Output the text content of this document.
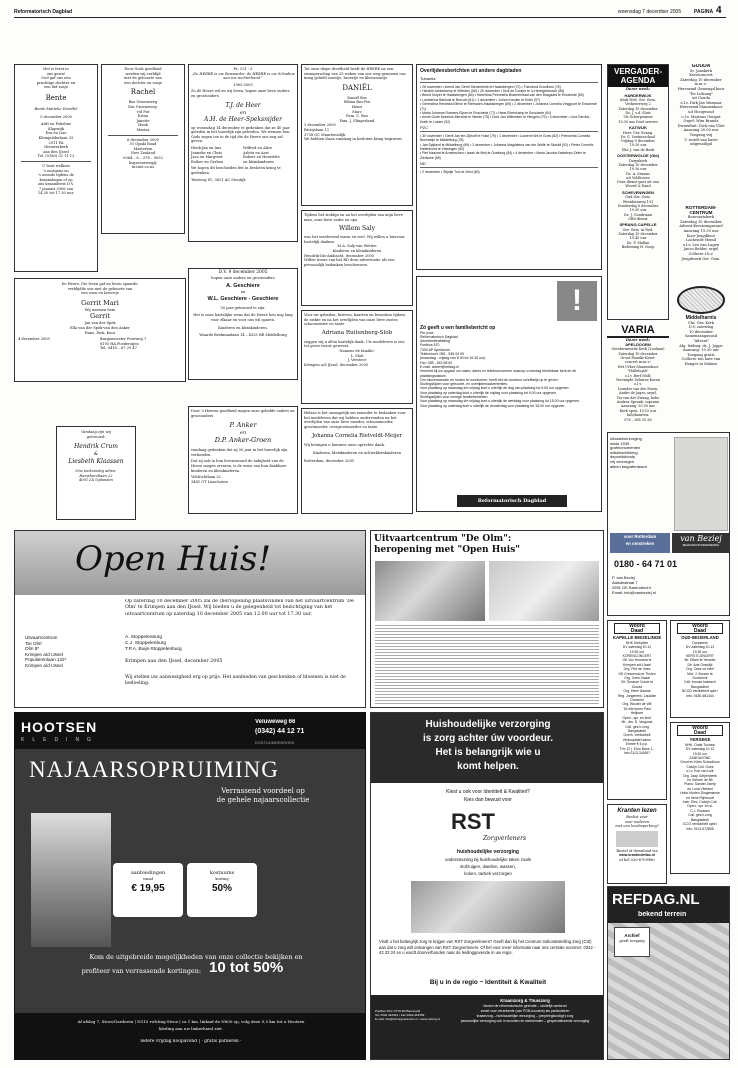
Reformatorisch Dagblad	woensdag 7 december 2005	PAGINA 4
Het is feest in
ons gezin!
God gaf ons een
prachtige dochter en
een lief zusje
Bente
Bente Marieke Dorothé
5 december 2005
Ardt en Fokeline
Klapwijk
Eva en Lise
Kleinpolderlaan 33
2911 PA
Nieuwerkerk
aan den IJssel
Tel. (0180) 32 11 12
U bent welkom
's morgens en
's avonds tijdens de
kraamdagen of op
ons kraamfeest D.V.
7 januari 2006 van
14.30 tot 17.30 uur.
Door Gods goedheid
werden wij verblijd
met de geboorte van
een dochter en zusje
Rachel
Bas Groeneweg
Ilse Groeneweg-
v/d Put
Erina
Janette
Henk
Marisa
6 december 2005
31 Opaki Road
Masterton
New Zealand
0064 – 6 – 378 – 9052
bsgroeneweg@
in2net.co.nz
Ps. 121 : 5
„De HEERE is uw Bewaarder, de HEERE is uw Schaduw aan uw rechterhand."
1965-2005
Zo de Heere wil en wij leven, hopen onze lieve ouders en grootouders
T.J. de Heer
en
A.H. de Heer-Speksnijder
op woensdag 14 december te gedenken dat ze 40 jaar geleden in het huwelijk zijn getreden. We wensen hen Gods zegen toe in de tijd die de Heere ons nog zal geven.
Henk-Jan en Ans
Janneke en Chris
Jaco en Margreet
Esther en Gerben
Wilfred en Alice
Arleta en Aart
Robert en Henriëtte
en kleinkinderen
We hopen dit bescheiden feit in besloten kring te gedenken.
Tentweg 81, 3821 AC Stoutijk
Tot onze diepe droefheid heeft de HEERE na een zwangerschap van 25 weken van ons weg-genomen ons innig geliefd zoontje, broertje en kleinzoontje
DANIËL
Daniël Bos
Wilma Bos-Pos
Henri
Marc
Fam. C. Bos
Fam. J. Slingerland
3 december 2005
Patrijslaan 11
3738 GC Maartensdijk
We hebben Daan vandaag in besloten kring begraven.
Overlijdensberichten uit andere dagbladen
Tubantia
• 26 november • Arend Jan Gerrit Stemmerink te Haaksbergen (72) • Theodora Groothuis (76)
• Hendrik Achterkamp te Wierden (56) • 25 november • Dick de Gooijer te 's-Hertogenbosch (85)
• Bernd Kuiper te Haaksbergen (84) • Hubertina Petronella Bloemendaal-van den Bosgaard te Enschede (80)
• Lambertus Bakhuis te Borculo (81) • 1 december • Johan Kreulen te Enter (57)
• Gerendina Hendrika Elfrink te Rietmolen-Haaksbergen (89) • 2 december • Johanna Cornelia Vinggoort te Enschede (71)
• Maria Johanna Roevers-Eijsen te Enschede (77) • Hans Eltrenkamp te Enschede (60)
• Annie Oude Munnink-Mensink te Neede (75) • Dork Jan Willemsen te Hengelo (79) • 3 december • Lina Gerrink-Horth te Losser (92)
PZC
• 30 november • Gerrit Jan ten Zijthoff te Hulst (79) • 1 december • Laurent Kint te Goes (82) • Petronella Cornelia Bommelje te Middelburg (78)
• Jan Spijkerd te Middelburg (69) • 2 december • Johanna Magdalena van der Wolfe te Sluiskil (92) • Pieter Cornelis Kallenhorst te Vlissingen (60)
• Piet Haazart te Arnemuiden • Izaak de Meij te Oostburg (84) • 4 december • Maria Jacoba Kasteleyn-Zeiler te Zierikzee (89)
ND
• 2 december • Stijntje Tuin te Zeist (83).
VERGADER-
AGENDA
Dezer week:
HARDERWIJK
Kerk Ned. Ger. Gem.
Verkeersweg 2
Zaterdag 10 december
Ds. J. v.d. Sluis
Uit Scherpenisse
10.30 uur Doel servers
KATWIJK
Herv. Ger. Evang.
Dr. G. Voetiusschool
Vrijdag 9 december
19.30 uur
Dhr. J. van de Beek
OOSTERWOLDE (Gld)
Dorpskerk
Zaterdag 10 december
19.30 uur
Ds. A. Simons
uit Veldhoven
Deze dienst gaat uit van
Woord & Daad
SCHEVENINGEN
Oud Ger. Gem.
Westduinweg 191
Donderdag 8 december
19.30 uur
Ds. J. Goudriaan
GBS-dienst
SPRANG-CAPELLE
Ger. Gem. in Ned.
Zaterdag 10 december
19.45 uur
Ds. F. Mallan
Bediening H. Doop
GOUDA
St. Janskerk
Kerstconcert
Zaterdag 10 december
m.m.v.:
Hervormd Gemengd koor
"De Lofzang"
uit Gouda
o.l.v. Dirk Jan Warnaar
Hervormd Mannenkoor
uit Hoogwoud
o.l.v. Marinus Gerjaat
Orgel: Wim Brands
Dwarsfluit: Dick van Vliet
Aanvang 20.00 uur
Toegang vrij
U wordt van harte
uitgenodigd
ROTTERDAM-
CENTRUM
Bosvoortskerk
Zaterdag 10 december
Advent-Kerstzangavond
Aanvang 19.30 uur
Koor Jeugdkoor
Lachende Hemd
o.l.v. Leo van Lagen
Janco Belder, orgel
Collecte t.b.v.
Jeugdwerk Ger. Gem.
Middelharnis
Chr. Ger. Kerk
D.V. zaterdag
10 december
Samenzangavond
"Advent"
Alg. leiding: ds. J. Joppe
Aanvang: 19.30 uur
Toegang gratis
Collecte ten bate van
Honger in Malawi
VARIA
Dezer week:
APELDOORN
Gereformeerde Kerk (Loolaan)
Zaterdag 10 december
Groot Familie-Kerst-
concert m.m.v.:
Het Urker Mannenkoor
"Hallelujah"
o.l.v. Berf Molf,
Verenigde Veluwse Koren
o.l.v.
Leander van der Steen,
Andre de Jager, orgel,
Yia van der Zwaag, hobo
Andrea Spronk, sopraan
Aanvang: 20.00 uur
Kerk open: 19.15 uur
Info/kaarten:
078 – 681 55 60
De Heere, Die leven gaf en leven spaarde,
verblijdde ons met de geboorte van
een zoon en broertje
Gerrit Mari
Wij noemen hem
Gerrit
Jan van der Spek
Ella van der Spek-van den Anker
Hans, Dirk, Koos
4 december 2005	Burgemeester Foreweg 7
8105 HA Poederoijen
Tel. 0418 – 67 29 47
D.V. 9 december 2005
hopen onze ouders en grootouders
A. Geschiere
en
W.L. Geschiere - Geschiere
50 jaar getrouwd te zijn.
Het is onze hartelijke wens dat de Heere hen nog lang voor elkaar en voor ons wil sparen.
Kinderen en kleinkinderen.
Waarde Beekmanlaan 14 – 4335 BR Middelburg
Tijdens het ziektijn en na het overlijden van mijn lieve man, onze lieve vader en opa
Willem Saly
was het meelevend warm en veel. Wij willen u hiervoor hartelijk danken.
M.A. Saly-van Wetten
Kinderen en kleinkinderen
Hendrik-Ido-Ambacht, december 2005
Willen lezers van het RD deze advertentie als een persoonlijk bedanken beschouwen.
Voor uw gebeden, brieven, kaarten en bezoeken tijdens de ziekte en na het overlijden van onze lieve zuster, schoonzuster en tante
Adriana Ruitenberg-Slob
zeggen wij u allen hartelijk dank. Uw medeleven is ons tot grote troost geweest.
Namens de familie:
L. Slob
J. Versteer
Krimpen a/d IJssel, december 2005
Vandaag zijn wij
getrouwd:
Hendrik Crum
&
Liesbeth Klaassen
Ons toekomstig adres:
Ramshorstlaan 22
4001 LX Oplanden
Door 's Heeren goedheid mogen onze geliefde ouders en grootouders
P. Anker
en
D.P. Anker-Groen
vandaag gedenken dat zij 50 jaar in het huwelijk zijn verbonden.
Dat zij ook in hun levensavond de nabijheid van de Heere mogen ervaren, is de wens van hun dankbare kinderen en kleinkinderen.
Veldrichtlaan 22
3461 GT Linschoten
Helaas is het onmogelijk om eenieder te bedanken voor het medeleven dat wij hebben ondervonden na het overlijden van onze lieve moeder, schoonmoeder, grootmoeder, overgrootmoeder en tante
Johanna Cornelia Rietveldt-Meijer
Wij betuigen u hiermee onze oprechte dank.
Kinderen, kleinkinderen en achterkleinkinderen
Rotterdam, december 2005
!
Zó geeft u een familiebericht op
Per post:
Reformatorisch Dagblad
Advertentieafdeling
Postbus 670
7300 AP Apeldoorn
Telefonisch: 055 - 539 04 99
(maandag - vrijdag van 8.00 tot 16.30 uur)
Fax: 055 - 542 68 82
E-mail: advert@refdag.nl
Vermeld bij uw opgave uw naam, adres en telefoonnummer waarop u overdag bereikbaar bent en de plaatsingsdatum.
Om misverstanden en fouten te voorkomen, heeft het de voorkeur schriftelijk op te geven.
Sluitingstijden voor geboorte- en overlijdensadvertenties:
Voor plaatsing op maandag t/m vrijdag kunt u uiterlijk de dag van plaatsing tot 9.00 uur opgeven.
Voor plaatsing op zaterdag kunt u uiterlijk de vrijdag voor plaatsing tot 9.00 uur opgeven.
Sluitingstijden voor overige familieberichten:
Voor plaatsing op maandag t/m vrijdag kunt u uiterlijk de werkdag voor plaatsing tot 15.00 uur opgeven.
Voor plaatsing op zaterdag kunt u uiterlijk de donderdag voor plaatsing tot 15.00 uur opgeven.
Reformatorisch Dagblad
uitvaartverzorging
sinds 1935
grafmonumenten
wilsbeschikking
depositofonds
vrij verzorgen
alleen begrafenissen
voor Rotterdam
en omstreken
van Beziej
BEGRAFENISONDERNEMING
0180 - 64 71 01
P. van Beziej
Aalsdestraat 7
2991 GK Barendrecht
Email: info@vanbeziej.nl
Open Huis!
Op zaterdag 10 december 2005 zal de (her)opening plaatsvinden van het uitvaartcentrum 'De Olm' te Krimpen aan den IJssel. Wij bieden u de gelegenheid tot bezichtiging van het uitvaartcentrum op zaterdag 10 december 2005 van 12.00 uur tot 17.30 uur.
Uitvaartcentrum
'De Olm'
Olm 8*
Krimpen a/d IJssel
Populierenlaan 122*
Krimpen a/d IJssel
A. Stoppelenburg
C.J. Stoppelenburg
T.P.A. Buijs-Stoppelenburg
Krimpen aan den IJssel, december 2005
Wij stellen uw aanwezigheid erg op prijs. Het aanbieden van geschenken of bloemen is niet de bedoeling.
Uitvaartcentrum "De Olm":
heropening met "Open Huis"
Woord
Daad
KAPELLE-BIEZELINGE
NHK Kerkplein
DV zaterdag 10-12
19.30 uur
KORENCONCERT
GK Vox Humana te
Krimpen a/d IJssel
Org. Piet de Vries
GK Crescendo te Tholen
Org. Cees Zwaal
GK Sonsum Corde te
Gouda
Org. Henri Adama
Reg. Jongerenk. Laudate
Dominim
Org. Wouter de Wit
'Dr.olle koren Paul
Heijboer
Open., spr. en sluit.
Mr., drs. D. Vergunst
Coll. gez.h.zorg
Bangladesh
Overh. verdubbelt
Verkooptafel aanw.
Entree € 6 p.p.
T/m 12 j. Euro Bans 1,-
Info 0113-342697
Woord
Daad
OUD-BEIJERLAND
Dorpskerk
DV zaterdag 10-12
19.30 uur
KERSTCONCERT
Mr. Elfam te Yerseke
Dir. Arie Oostdijk
Org. Cees vd Heel
Mrd. J. Bonnie te
Dordrecht
Cell: broose bakesch
Bangladesh
NCOO verdubbelt opbr.!
Info: 0180-681444
Woord
Daad
YERSEKE
NHK, Oude Toonzal
DV zaterdag 10-12
19.30 uur
ZANGAVOND
Groot en Klein Schoolkoor
Calvijn Coll. Goes
o.l.v. Kok van Luik
Org. Jaap Geijtenbeek
en Gerben de Bk
Piano: Sander Zweip
en Lona Vlieland
Hobo Kirsten Dingemanse
en Irene Rijnhoudt
Instr. Elec. Calvijn Coll.
Open., spr. en sl.
C.J. Rouwen
Coll. gez.h.zorg
Bangladesh
ICCO verdubbelt opbr.!
Info: 0113-572805
HOOTSEN
KLEDING
Veluweweg 66
(0342) 44 12 71
KOSTUUMKENROEK
NAJAARSOPRUIMING
Verrassend voordeel op
de gehele najaarscollectie
aanbiedingen
vanaf
€ 19,95
kostuums
korting
50%
Kom de uitgebreide mogelijkheden van onze collectie bekijken en
profiteer van verrassende kortingen: 10 tot 50%
Af afslag 7, Stroe/Garderen | N310 richting Stroe | ca 1 km. linksaf de N800 op, volg deze 5,5 km tot u Hootsen
kleding aan uw linkerhand ziet.
ledere vrijdag koopavond | · gratis parkeren ·
Huishoudelijke verzorging
is zorg achter úw voordeur.
Het is belangrijk wie u
komt helpen.
Kiest u ook voor Identiteit & Kwaliteit?
Kies dan bewust voor
RST
Zorgverleners
huishoudelijke verzorging
ondersteuning bij huishoudelijke taken zoals
stofzuigen, dweilen, wassen,
koken, tactiek verzorgen
Vindt u het belangrijk zorg te krijgen van RST Zorgverleners? Geeft dan bij het Centrum Indicatiestelling Zorg (CIZ) aan dat u zorg wilt ontvangen van RST Zorgverleners. Of bel voor meer informatie naar ons centrale nummer: 0342 - 42 23 24 en u wordt doorverbonden naar de leidinggevende in uw regio.
Bij u in de regio ~ Identiteit & Kwaliteit
Postbus 154 / 3770 AD Barneveld
Tel. 0342 422324 • Fax 0342-423159
E-mail: info@rstzorgverleners.nl • www.rstzorg.nl
Kraamzorg & Thuiszorg
binnen de reformatorische gezindte – landelijk werkend
zowel voor verzekerde (van PGB-houders) als particulieren
kraamzorg – huishoudelijke verzorging – (verpleegkundige) zorg
persoonlijke verzorging ook in avonden en weekeinden – gespecialiseerde verzorging
Kranten lezen
Beslist voor
voor ouderen
met een leesbeperking?
Bestel of download via
www.krantindetlas.nl
of bel 020-6709980
REFDAG.NL
bekend terrein
Archief
geeft toegang
